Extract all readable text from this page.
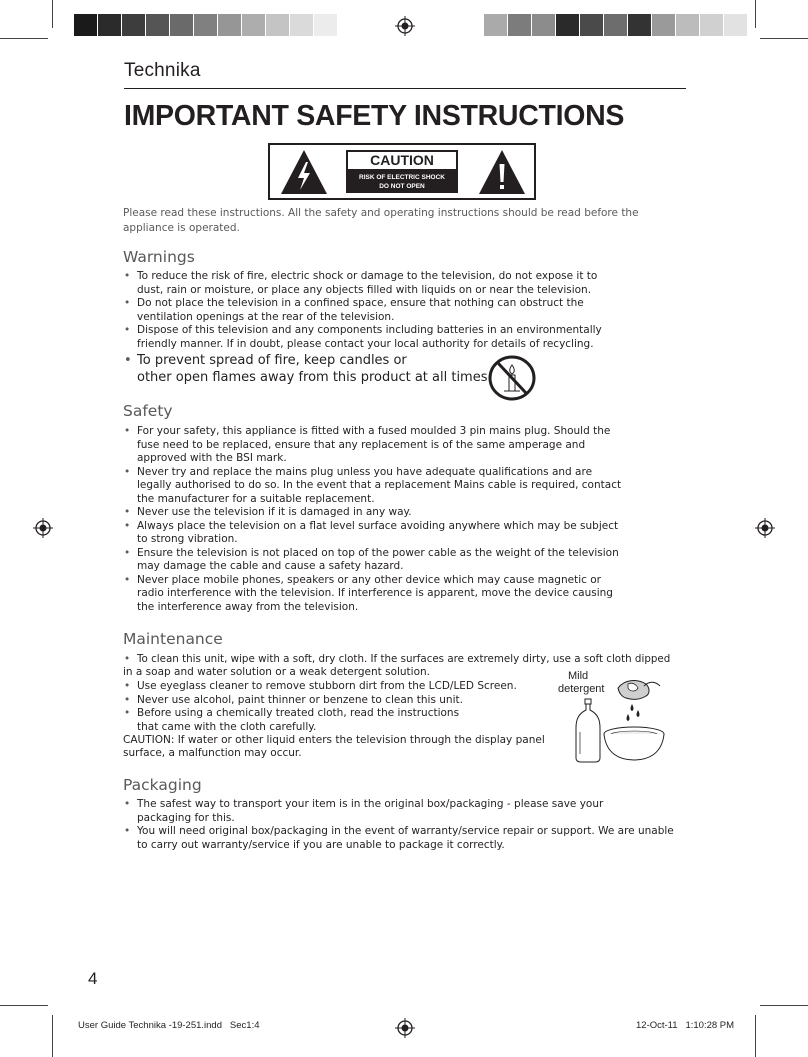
Technika
IMPORTANT SAFETY INSTRUCTIONS
CAUTION
RISK OF ELECTRIC SHOCK
DO NOT OPEN
Please read these instructions. All the safety and operating instructions should be read before the appliance is operated.
Warnings
• To reduce the risk of fire, electric shock or damage to the television, do not expose it to dust, rain or moisture, or place any objects filled with liquids on or near the television.
• Do not place the television in a confined space, ensure that nothing can obstruct the ventilation openings at the rear of the television.
• Dispose of this television and any components including batteries in an environmentally friendly manner. If in doubt, please contact your local authority for details of recycling.
• To prevent spread of fire, keep candles or
other open flames away from this product at all times
Safety
• For your safety, this appliance is fitted with a fused moulded 3 pin mains plug. Should the fuse need to be replaced, ensure that any replacement is of the same amperage and approved with the BSI mark.
• Never try and replace the mains plug unless you have adequate qualifications and are legally authorised to do so. In the event that a replacement Mains cable is required, contact the manufacturer for a suitable replacement.
• Never use the television if it is damaged in any way.
• Always place the television on a flat level surface avoiding anywhere which may be subject to strong vibration.
• Ensure the television is not placed on top of the power cable as the weight of the television may damage the cable and cause a safety hazard.
• Never place mobile phones, speakers or any other device which may cause magnetic or radio interference with the television. If interference is apparent, move the device causing the interference away from the television.
Maintenance
• To clean this unit, wipe with a soft, dry cloth. If the surfaces are extremely dirty, use a soft cloth dipped
in a soap and water solution or a weak detergent solution.
• Use eyeglass cleaner to remove stubborn dirt from the LCD/LED Screen.
• Never use alcohol, paint thinner or benzene to clean this unit.
• Before using a chemically treated cloth, read the instructions that came with the cloth carefully.
CAUTION: If water or other liquid enters the television through the display panel
surface, a malfunction may occur.
Mild
detergent
Packaging
• The safest way to transport your item is in the original box/packaging - please save your packaging for this.
• You will need original box/packaging in the event of warranty/service repair or support. We are unable to carry out warranty/service if you are unable to package it correctly.
4
User Guide Technika -19-251.indd   Sec1:4	12-Oct-11   1:10:28 PM
